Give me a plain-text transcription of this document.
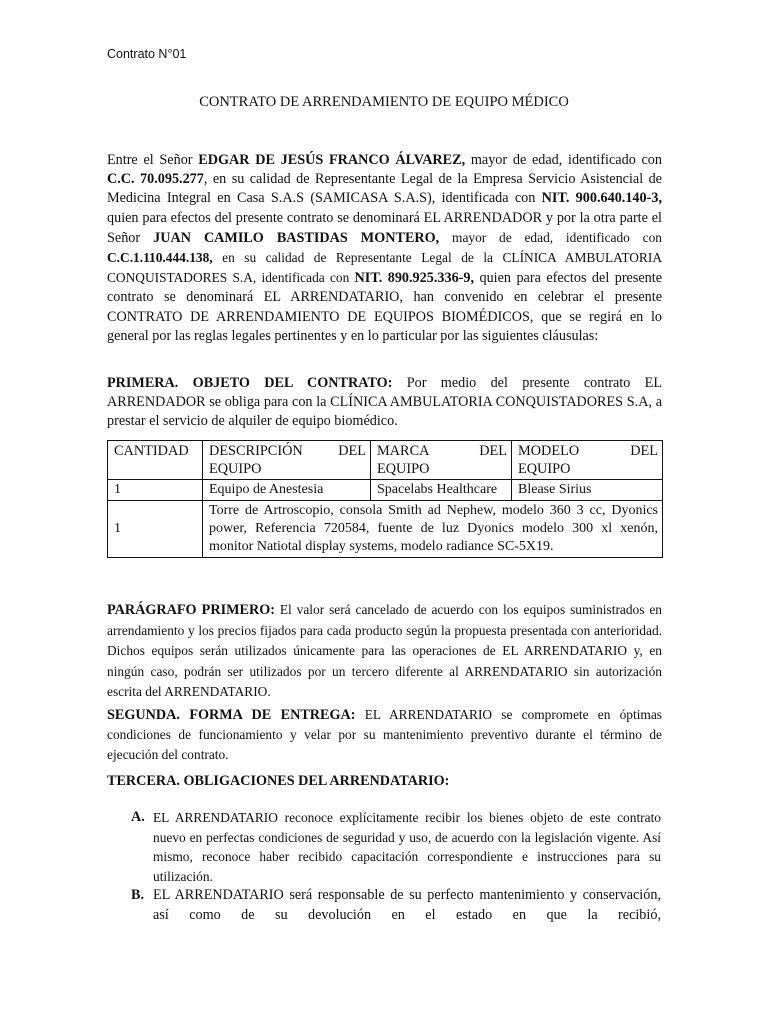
Contrato N°01
CONTRATO DE ARRENDAMIENTO DE EQUIPO MÉDICO
Entre el Señor EDGAR DE JESÚS FRANCO ÁLVAREZ, mayor de edad, identificado con C.C. 70.095.277, en su calidad de Representante Legal de la Empresa Servicio Asistencial de Medicina Integral en Casa S.A.S (SAMICASA S.A.S), identificada con NIT. 900.640.140-3, quien para efectos del presente contrato se denominará EL ARRENDADOR y por la otra parte el Señor JUAN CAMILO BASTIDAS MONTERO, mayor de edad, identificado con C.C.1.110.444.138, en su calidad de Representante Legal de la CLÍNICA AMBULATORIA CONQUISTADORES S.A, identificada con NIT. 890.925.336-9, quien para efectos del presente contrato se denominará EL ARRENDATARIO, han convenido en celebrar el presente CONTRATO DE ARRENDAMIENTO DE EQUIPOS BIOMÉDICOS, que se regirá en lo general por las reglas legales pertinentes y en lo particular por las siguientes cláusulas:
PRIMERA. OBJETO DEL CONTRATO: Por medio del presente contrato EL ARRENDADOR se obliga para con la CLÍNICA AMBULATORIA CONQUISTADORES S.A, a prestar el servicio de alquiler de equipo biomédico.
CANTIDAD	DESCRIPCIÓN DEL EQUIPO	MARCA DEL EQUIPO	MODELO DEL EQUIPO
1	Equipo de Anestesia	Spacelabs Healthcare	Blease Sirius
1	Torre de Artroscopio, consola Smith ad Nephew, modelo 360 3 cc, Dyonics power, Referencia 720584, fuente de luz Dyonics modelo 300 xl xenón, monitor Natiotal display systems, modelo radiance SC-5X19.		
PARÁGRAFO PRIMERO: El valor será cancelado de acuerdo con los equipos suministrados en arrendamiento y los precios fijados para cada producto según la propuesta presentada con anterioridad. Dichos equipos serán utilizados únicamente para las operaciones de EL ARRENDATARIO y, en ningún caso, podrán ser utilizados por un tercero diferente al ARRENDATARIO sin autorización escrita del ARRENDATARIO.
SEGUNDA. FORMA DE ENTREGA: EL ARRENDATARIO se compromete en óptimas condiciones de funcionamiento y velar por su mantenimiento preventivo durante el término de ejecución del contrato.
TERCERA. OBLIGACIONES DEL ARRENDATARIO:
A. EL ARRENDATARIO reconoce explícitamente recibir los bienes objeto de este contrato nuevo en perfectas condiciones de seguridad y uso, de acuerdo con la legislación vigente. Así mismo, reconoce haber recibido capacitación correspondiente e instrucciones para su utilización.
B. EL ARRENDATARIO será responsable de su perfecto mantenimiento y conservación, así como de su devolución en el estado en que la recibió,
